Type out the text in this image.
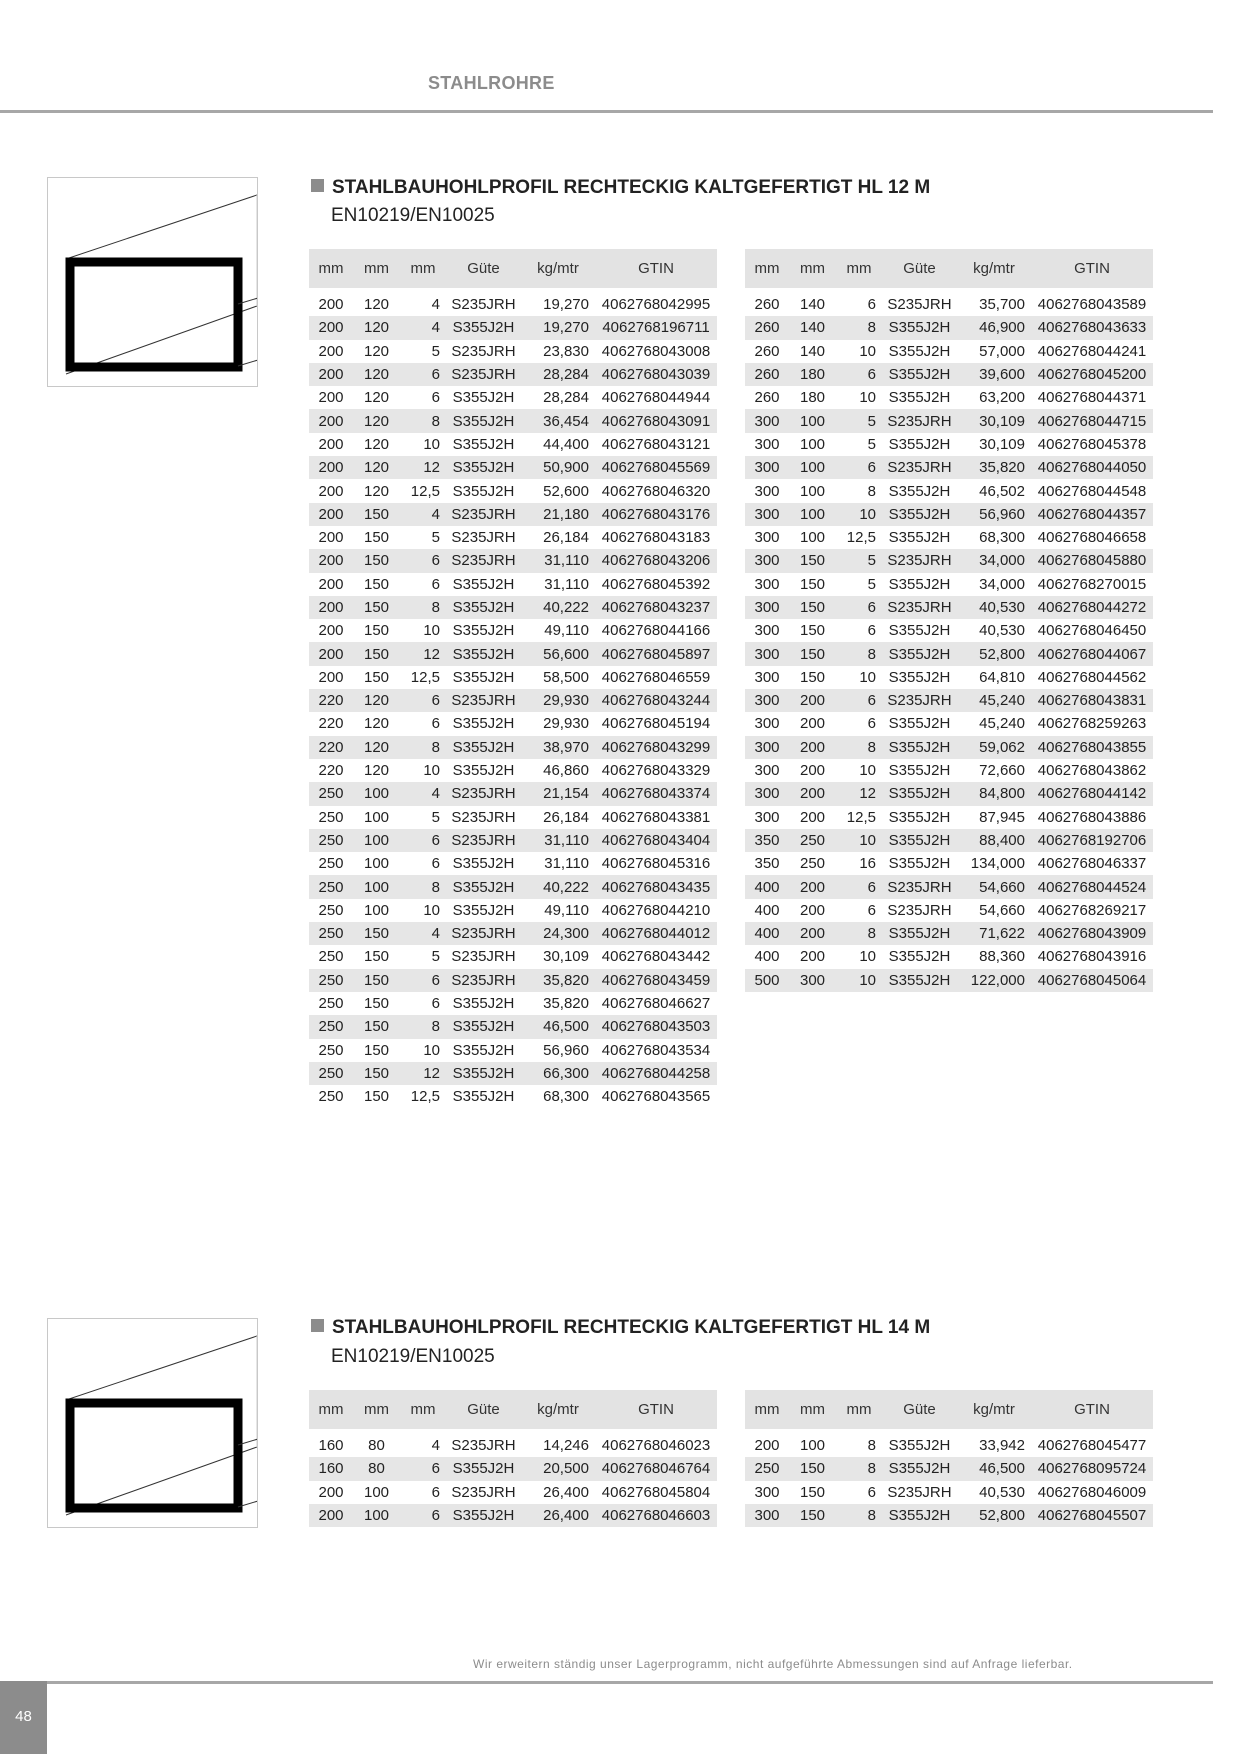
STAHLROHRE
STAHLBAUHOHLPROFIL RECHTECKIG KALTGEFERTIGT HL 12 M
EN10219/EN10025
mm	mm	mm	Güte	kg/mtr	GTIN

200	120	4	S235JRH	19,270	4062768042995
200	120	4	S355J2H	19,270	4062768196711
200	120	5	S235JRH	23,830	4062768043008
200	120	6	S235JRH	28,284	4062768043039
200	120	6	S355J2H	28,284	4062768044944
200	120	8	S355J2H	36,454	4062768043091
200	120	10	S355J2H	44,400	4062768043121
200	120	12	S355J2H	50,900	4062768045569
200	120	12,5	S355J2H	52,600	4062768046320
200	150	4	S235JRH	21,180	4062768043176
200	150	5	S235JRH	26,184	4062768043183
200	150	6	S235JRH	31,110	4062768043206
200	150	6	S355J2H	31,110	4062768045392
200	150	8	S355J2H	40,222	4062768043237
200	150	10	S355J2H	49,110	4062768044166
200	150	12	S355J2H	56,600	4062768045897
200	150	12,5	S355J2H	58,500	4062768046559
220	120	6	S235JRH	29,930	4062768043244
220	120	6	S355J2H	29,930	4062768045194
220	120	8	S355J2H	38,970	4062768043299
220	120	10	S355J2H	46,860	4062768043329
250	100	4	S235JRH	21,154	4062768043374
250	100	5	S235JRH	26,184	4062768043381
250	100	6	S235JRH	31,110	4062768043404
250	100	6	S355J2H	31,110	4062768045316
250	100	8	S355J2H	40,222	4062768043435
250	100	10	S355J2H	49,110	4062768044210
250	150	4	S235JRH	24,300	4062768044012
250	150	5	S235JRH	30,109	4062768043442
250	150	6	S235JRH	35,820	4062768043459
250	150	6	S355J2H	35,820	4062768046627
250	150	8	S355J2H	46,500	4062768043503
250	150	10	S355J2H	56,960	4062768043534
250	150	12	S355J2H	66,300	4062768044258
250	150	12,5	S355J2H	68,300	4062768043565
mm	mm	mm	Güte	kg/mtr	GTIN

260	140	6	S235JRH	35,700	4062768043589
260	140	8	S355J2H	46,900	4062768043633
260	140	10	S355J2H	57,000	4062768044241
260	180	6	S355J2H	39,600	4062768045200
260	180	10	S355J2H	63,200	4062768044371
300	100	5	S235JRH	30,109	4062768044715
300	100	5	S355J2H	30,109	4062768045378
300	100	6	S235JRH	35,820	4062768044050
300	100	8	S355J2H	46,502	4062768044548
300	100	10	S355J2H	56,960	4062768044357
300	100	12,5	S355J2H	68,300	4062768046658
300	150	5	S235JRH	34,000	4062768045880
300	150	5	S355J2H	34,000	4062768270015
300	150	6	S235JRH	40,530	4062768044272
300	150	6	S355J2H	40,530	4062768046450
300	150	8	S355J2H	52,800	4062768044067
300	150	10	S355J2H	64,810	4062768044562
300	200	6	S235JRH	45,240	4062768043831
300	200	6	S355J2H	45,240	4062768259263
300	200	8	S355J2H	59,062	4062768043855
300	200	10	S355J2H	72,660	4062768043862
300	200	12	S355J2H	84,800	4062768044142
300	200	12,5	S355J2H	87,945	4062768043886
350	250	10	S355J2H	88,400	4062768192706
350	250	16	S355J2H	134,000	4062768046337
400	200	6	S235JRH	54,660	4062768044524
400	200	6	S235JRH	54,660	4062768269217
400	200	8	S355J2H	71,622	4062768043909
400	200	10	S355J2H	88,360	4062768043916
500	300	10	S355J2H	122,000	4062768045064
STAHLBAUHOHLPROFIL RECHTECKIG KALTGEFERTIGT HL 14 M
EN10219/EN10025
mm	mm	mm	Güte	kg/mtr	GTIN

160	80	4	S235JRH	14,246	4062768046023
160	80	6	S355J2H	20,500	4062768046764
200	100	6	S235JRH	26,400	4062768045804
200	100	6	S355J2H	26,400	4062768046603
mm	mm	mm	Güte	kg/mtr	GTIN

200	100	8	S355J2H	33,942	4062768045477
250	150	8	S355J2H	46,500	4062768095724
300	150	6	S235JRH	40,530	4062768046009
300	150	8	S355J2H	52,800	4062768045507
Wir erweitern ständig unser Lagerprogramm, nicht aufgeführte Abmessungen sind auf Anfrage lieferbar.
48
